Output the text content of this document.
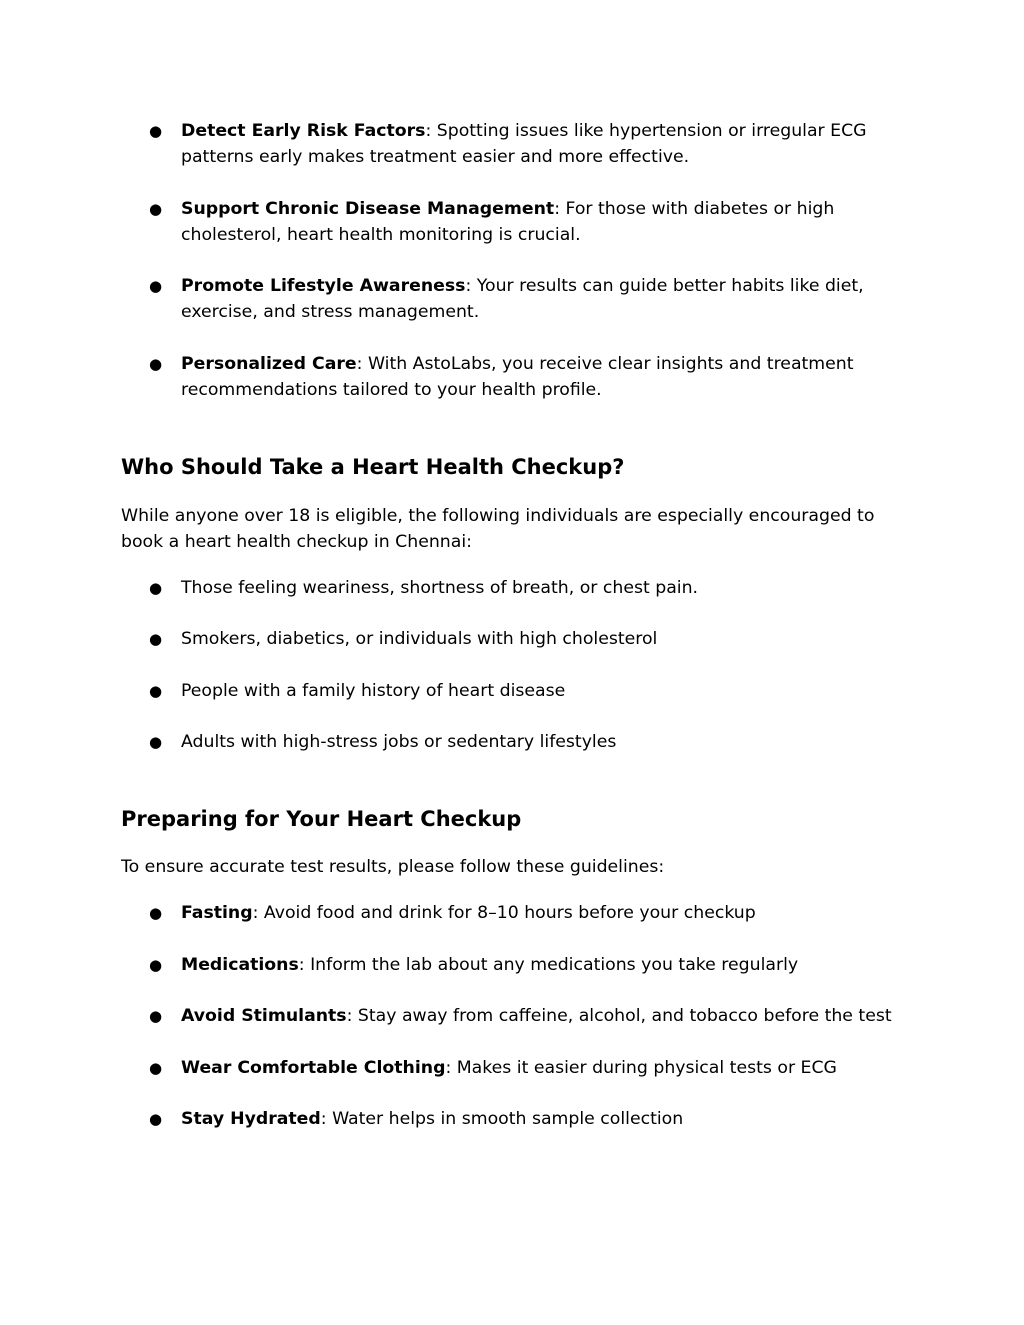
● Detect Early Risk Factors: Spotting issues like hypertension or irregular ECG patterns early makes treatment easier and more effective.
● Support Chronic Disease Management: For those with diabetes or high cholesterol, heart health monitoring is crucial.
● Promote Lifestyle Awareness: Your results can guide better habits like diet, exercise, and stress management.
● Personalized Care: With AstoLabs, you receive clear insights and treatment recommendations tailored to your health profile.
Who Should Take a Heart Health Checkup?

While anyone over 18 is eligible, the following individuals are especially encouraged to book a heart health checkup in Chennai:

● Those feeling weariness, shortness of breath, or chest pain.
● Smokers, diabetics, or individuals with high cholesterol
● People with a family history of heart disease
● Adults with high-stress jobs or sedentary lifestyles
Preparing for Your Heart Checkup

To ensure accurate test results, please follow these guidelines:

● Fasting: Avoid food and drink for 8–10 hours before your checkup
● Medications: Inform the lab about any medications you take regularly
● Avoid Stimulants: Stay away from caffeine, alcohol, and tobacco before the test
● Wear Comfortable Clothing: Makes it easier during physical tests or ECG
● Stay Hydrated: Water helps in smooth sample collection
